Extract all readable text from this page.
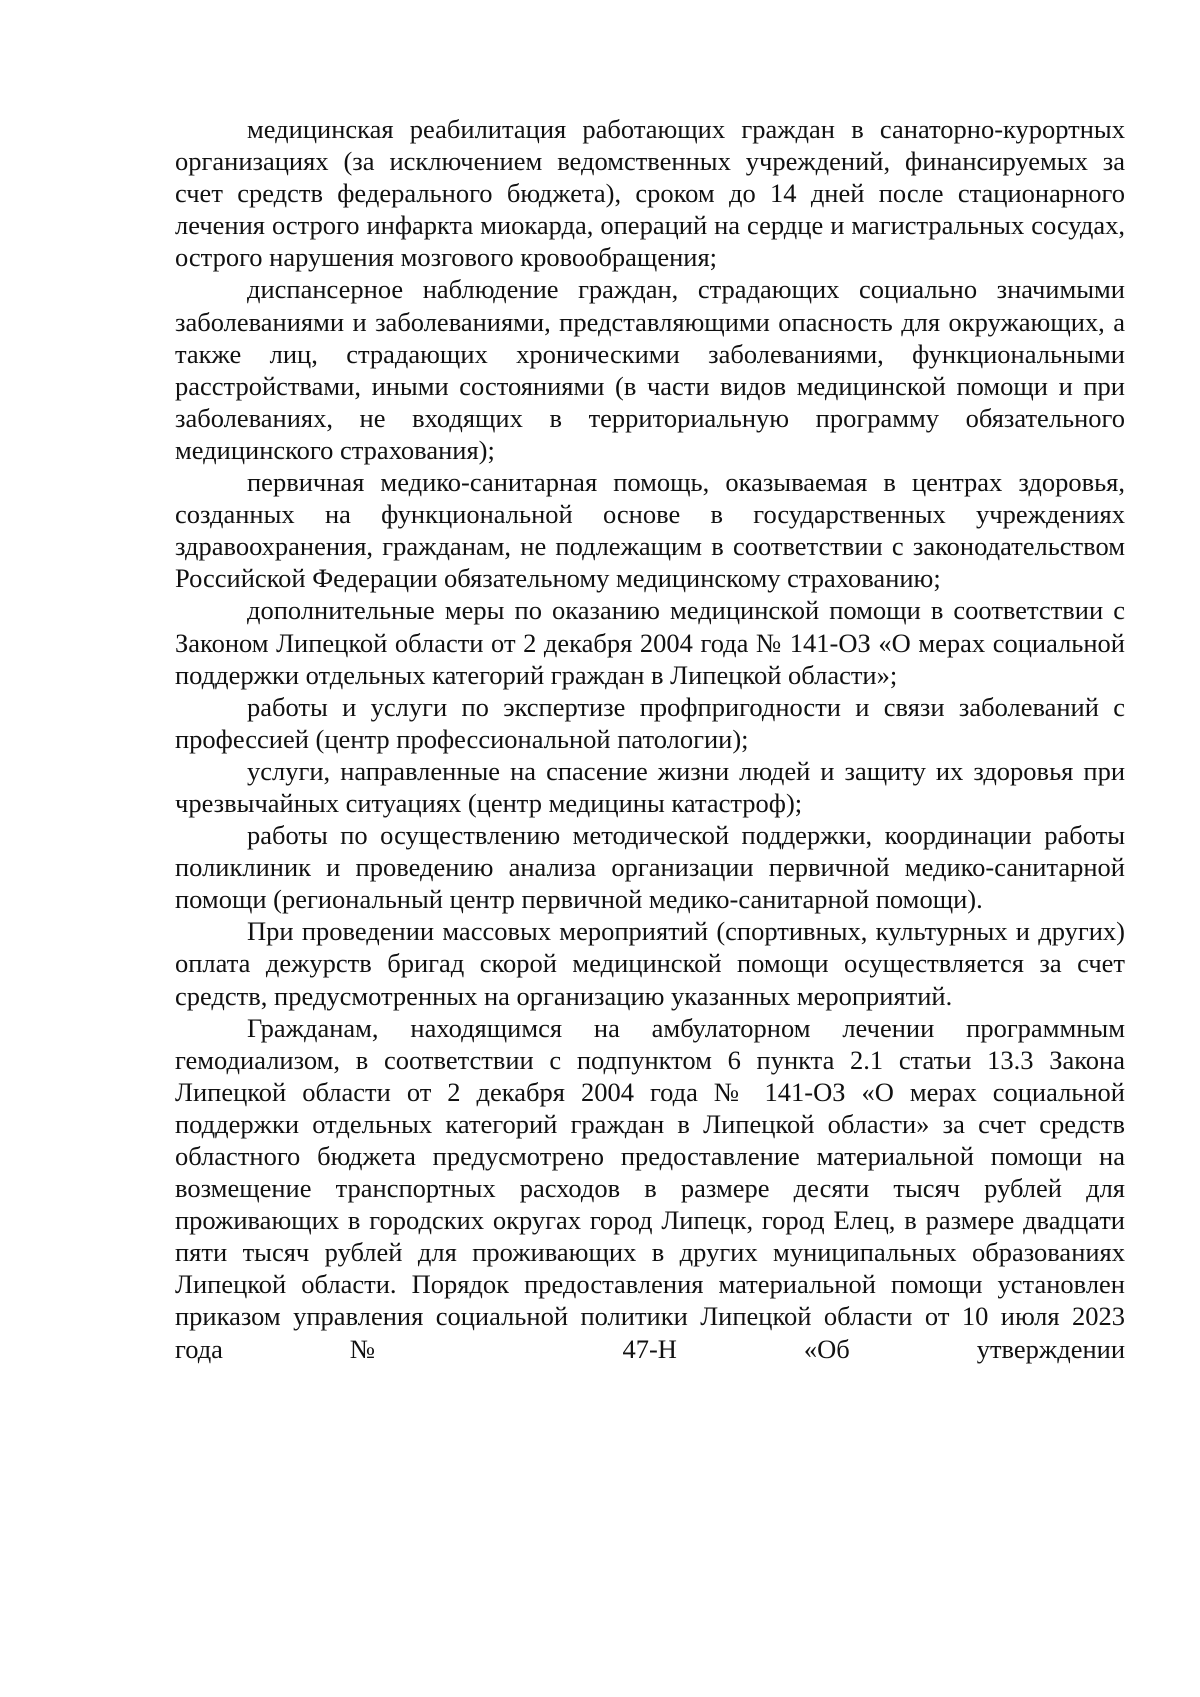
медицинская реабилитация работающих граждан в санаторно-курортных организациях (за исключением ведомственных учреждений, финансируемых за счет средств федерального бюджета), сроком до 14 дней после стационарного лечения острого инфаркта миокарда, операций на сердце и магистральных сосудах, острого нарушения мозгового кровообращения;

диспансерное наблюдение граждан, страдающих социально значимыми заболеваниями и заболеваниями, представляющими опасность для окружающих, а также лиц, страдающих хроническими заболеваниями, функциональными расстройствами, иными состояниями (в части видов медицинской помощи и при заболеваниях, не входящих в территориальную программу обязательного медицинского страхования);

первичная медико-санитарная помощь, оказываемая в центрах здоровья, созданных на функциональной основе в государственных учреждениях здравоохранения, гражданам, не подлежащим в соответствии с законодательством Российской Федерации обязательному медицинскому страхованию;

дополнительные меры по оказанию медицинской помощи в соответствии с Законом Липецкой области от 2 декабря 2004 года № 141-ОЗ «О мерах социальной поддержки отдельных категорий граждан в Липецкой области»;

работы и услуги по экспертизе профпригодности и связи заболеваний с профессией (центр профессиональной патологии);

услуги, направленные на спасение жизни людей и защиту их здоровья при чрезвычайных ситуациях (центр медицины катастроф);

работы по осуществлению методической поддержки, координации работы поликлиник и проведению анализа организации первичной медико-санитарной помощи (региональный центр первичной медико-санитарной помощи).

При проведении массовых мероприятий (спортивных, культурных и других) оплата дежурств бригад скорой медицинской помощи осуществляется за счет средств, предусмотренных на организацию указанных мероприятий.

Гражданам, находящимся на амбулаторном лечении программным гемодиализом, в соответствии с подпунктом 6 пункта 2.1 статьи 13.3 Закона Липецкой области от 2 декабря 2004 года № 141-ОЗ «О мерах социальной поддержки отдельных категорий граждан в Липецкой области» за счет средств областного бюджета предусмотрено предоставление материальной помощи на возмещение транспортных расходов в размере десяти тысяч рублей для проживающих в городских округах город Липецк, город Елец, в размере двадцати пяти тысяч рублей для проживающих в других муниципальных образованиях Липецкой области. Порядок предоставления материальной помощи установлен приказом управления социальной политики Липецкой области от 10 июля 2023 года № 47-Н «Об утверждении
